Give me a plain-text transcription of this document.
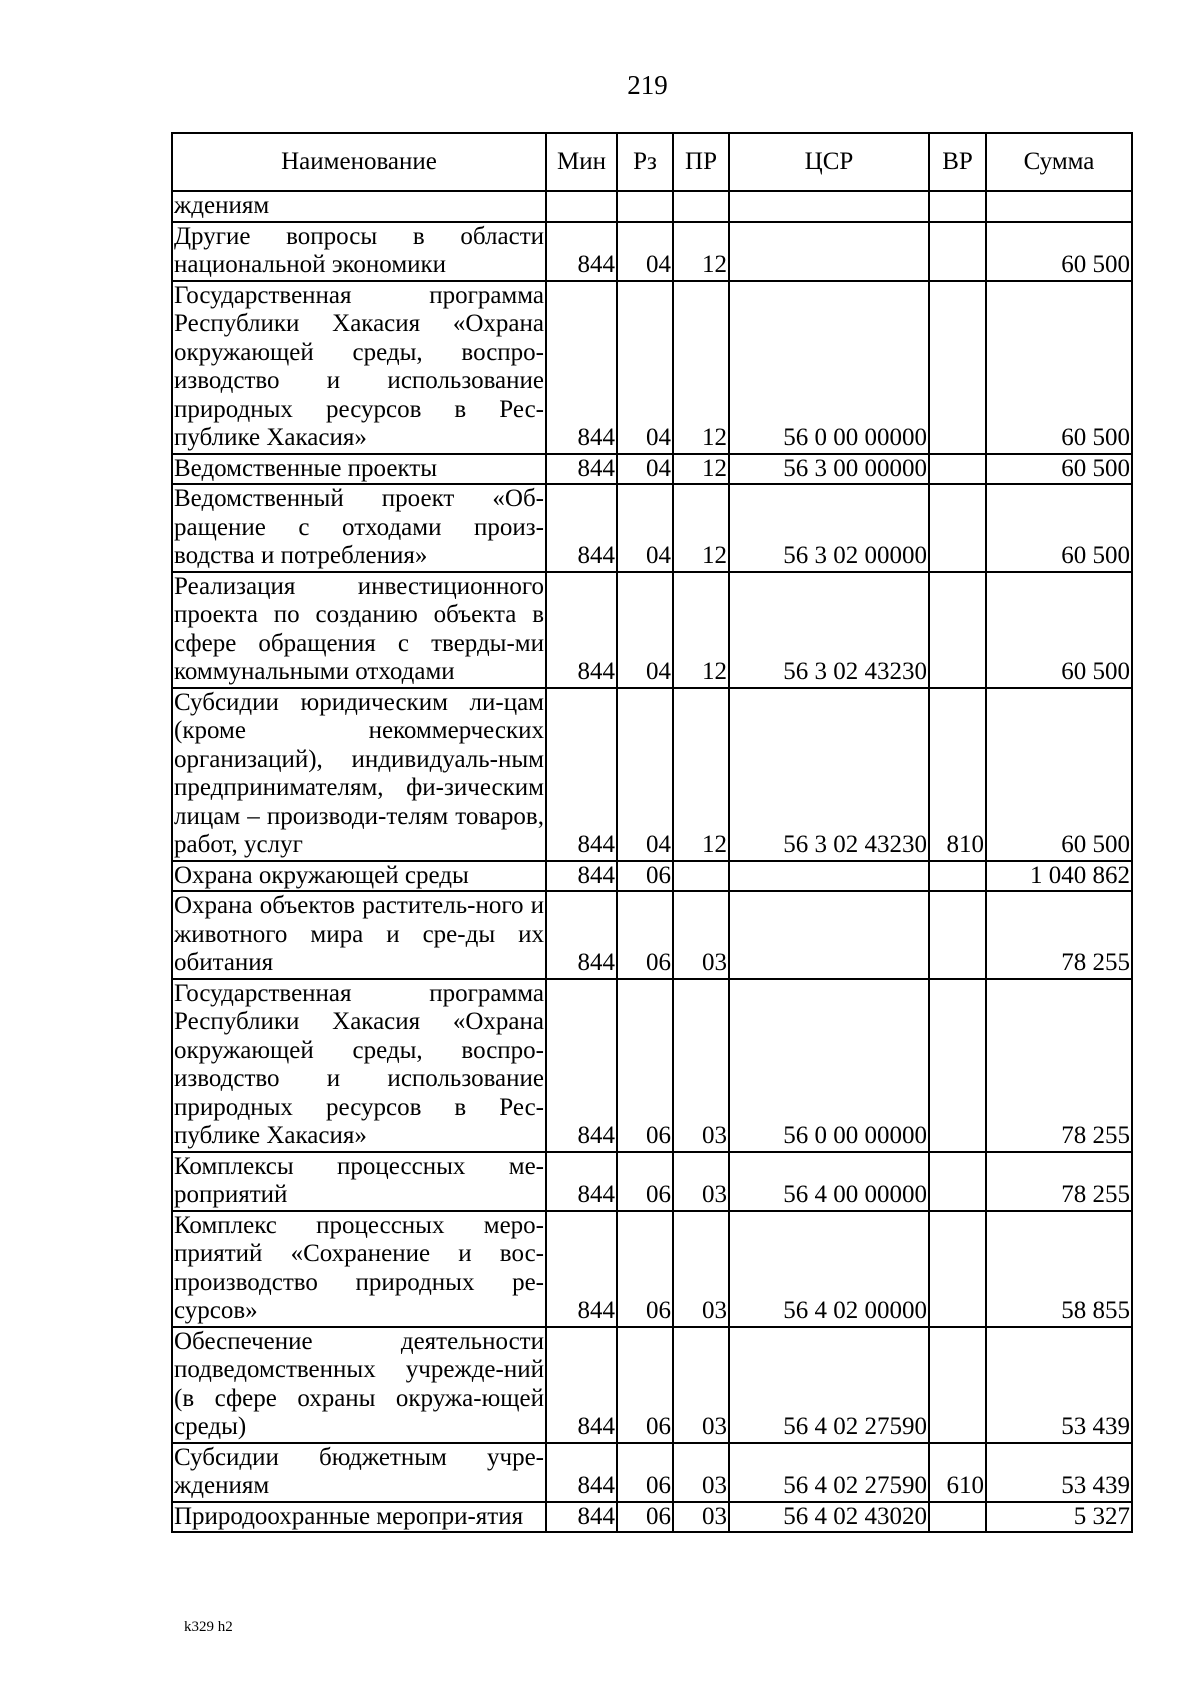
219
Наименование	Мин	Рз	ПР	ЦСР	ВР	Сумма
ждениям						
Другие вопросы в области национальной экономики	844	04	12			60 500
Государственная программа Республики Хакасия «Охрана окружающей среды, воспро-изводство и использование природных ресурсов в Рес-публике Хакасия»	844	04	12	56 0 00 00000		60 500
Ведомственные проекты	844	04	12	56 3 00 00000		60 500
Ведомственный проект «Об-ращение с отходами произ-водства и потребления»	844	04	12	56 3 02 00000		60 500
Реализация инвестиционного проекта по созданию объекта в сфере обращения с тверды-ми коммунальными отходами	844	04	12	56 3 02 43230		60 500
Субсидии юридическим ли-цам (кроме некоммерческих организаций), индивидуаль-ным предпринимателям, фи-зическим лицам – производи-телям товаров, работ, услуг	844	04	12	56 3 02 43230	810	60 500
Охрана окружающей среды	844	06				1 040 862
Охрана объектов раститель-ного и животного мира и сре-ды их обитания	844	06	03			78 255
Государственная программа Республики Хакасия «Охрана окружающей среды, воспро-изводство и использование природных ресурсов в Рес-публике Хакасия»	844	06	03	56 0 00 00000		78 255
Комплексы процессных ме-роприятий	844	06	03	56 4 00 00000		78 255
Комплекс процессных меро-приятий «Сохранение и вос-производство природных ре-сурсов»	844	06	03	56 4 02 00000		58 855
Обеспечение деятельности подведомственных учрежде-ний (в сфере охраны окружа-ющей среды)	844	06	03	56 4 02 27590		53 439
Субсидии бюджетным учре-ждениям	844	06	03	56 4 02 27590	610	53 439
Природоохранные меропри-ятия	844	06	03	56 4 02 43020		5 327
k329 h2
